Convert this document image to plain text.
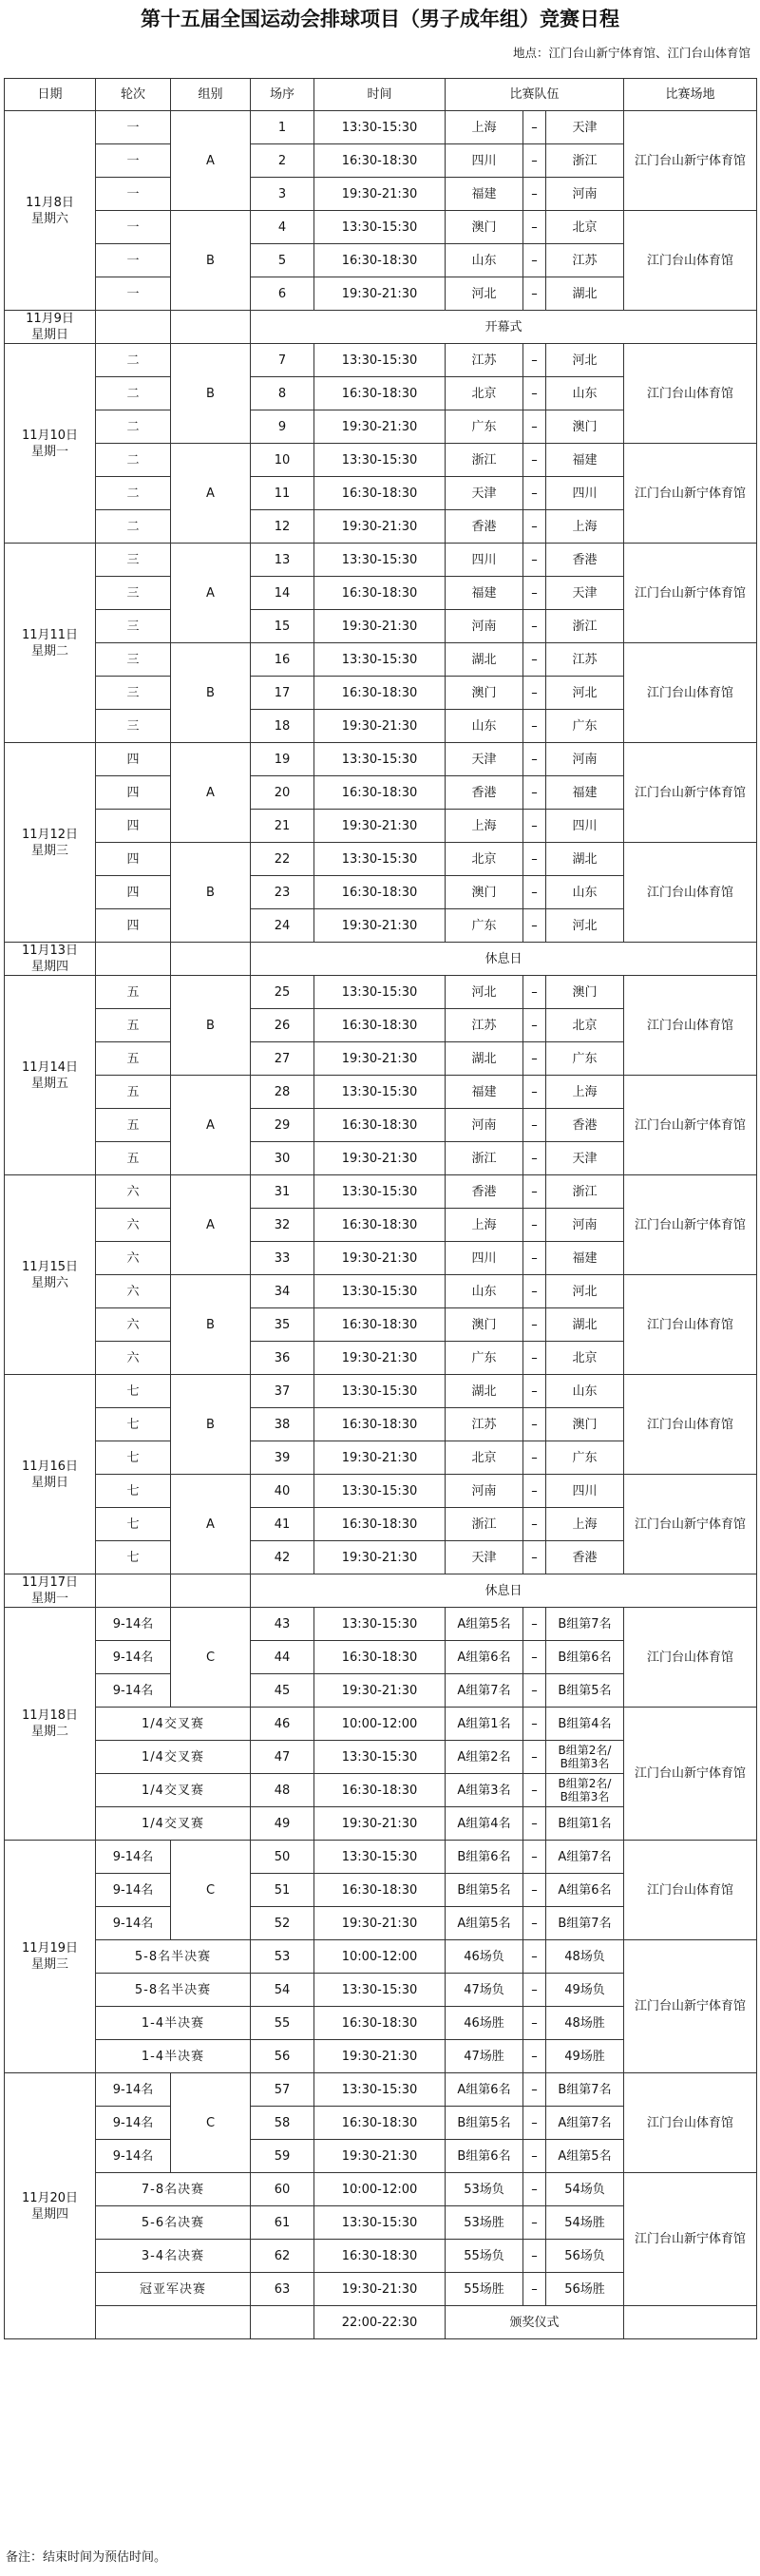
第十五届全国运动会排球项目（男子成年组）竞赛日程
地点：江门台山新宁体育馆、江门台山体育馆
日期	轮次	组别	场序	时间	比赛队伍			比赛场地

11月8日
星期六	一	A	1	13:30-15:30	上海	–	天津	江门台山新宁体育馆
	一		2	16:30-18:30	四川	–	浙江	
	一		3	19:30-21:30	福建	–	河南	
	一	B	4	13:30-15:30	澳门	–	北京	江门台山体育馆
	一		5	16:30-18:30	山东	–	江苏	
	一		6	19:30-21:30	河北	–	湖北	

11月9日
星期日			开幕式					

11月10日
星期一	二	B	7	13:30-15:30	江苏	–	河北	江门台山体育馆
	二		8	16:30-18:30	北京	–	山东	
	二		9	19:30-21:30	广东	–	澳门	
	二	A	10	13:30-15:30	浙江	–	福建	江门台山新宁体育馆
	二		11	16:30-18:30	天津	–	四川	
	二		12	19:30-21:30	香港	–	上海	

11月11日
星期二	三	A	13	13:30-15:30	四川	–	香港	江门台山新宁体育馆
	三		14	16:30-18:30	福建	–	天津	
	三		15	19:30-21:30	河南	–	浙江	
	三	B	16	13:30-15:30	湖北	–	江苏	江门台山体育馆
	三		17	16:30-18:30	澳门	–	河北	
	三		18	19:30-21:30	山东	–	广东	

11月12日
星期三	四	A	19	13:30-15:30	天津	–	河南	江门台山新宁体育馆
	四		20	16:30-18:30	香港	–	福建	
	四		21	19:30-21:30	上海	–	四川	
	四	B	22	13:30-15:30	北京	–	湖北	江门台山体育馆
	四		23	16:30-18:30	澳门	–	山东	
	四		24	19:30-21:30	广东	–	河北	

11月13日
星期四			休息日					

11月14日
星期五	五	B	25	13:30-15:30	河北	–	澳门	江门台山体育馆
	五		26	16:30-18:30	江苏	–	北京	
	五		27	19:30-21:30	湖北	–	广东	
	五	A	28	13:30-15:30	福建	–	上海	江门台山新宁体育馆
	五		29	16:30-18:30	河南	–	香港	
	五		30	19:30-21:30	浙江	–	天津	

11月15日
星期六	六	A	31	13:30-15:30	香港	–	浙江	江门台山新宁体育馆
	六		32	16:30-18:30	上海	–	河南	
	六		33	19:30-21:30	四川	–	福建	
	六	B	34	13:30-15:30	山东	–	河北	江门台山体育馆
	六		35	16:30-18:30	澳门	–	湖北	
	六		36	19:30-21:30	广东	–	北京	

11月16日
星期日	七	B	37	13:30-15:30	湖北	–	山东	江门台山体育馆
	七		38	16:30-18:30	江苏	–	澳门	
	七		39	19:30-21:30	北京	–	广东	
	七	A	40	13:30-15:30	河南	–	四川	江门台山新宁体育馆
	七		41	16:30-18:30	浙江	–	上海	
	七		42	19:30-21:30	天津	–	香港	

11月17日
星期一			休息日					

11月18日
星期二	9-14名	C	43	13:30-15:30	A组第5名	–	B组第7名	江门台山体育馆
	9-14名		44	16:30-18:30	A组第6名	–	B组第6名	
	9-14名		45	19:30-21:30	A组第7名	–	B组第5名	
	1/4交叉赛		46	10:00-12:00	A组第1名	–	B组第4名	江门台山新宁体育馆
	1/4交叉赛		47	13:30-15:30	A组第2名	–	B组第2名/
B组第3名	

	1/4交叉赛		48	16:30-18:30	A组第3名	–	B组第2名/
B组第3名	

	1/4交叉赛		49	19:30-21:30	A组第4名	–	B组第1名	

11月19日
星期三	9-14名	C	50	13:30-15:30	B组第6名	–	A组第7名	江门台山体育馆
	9-14名		51	16:30-18:30	B组第5名	–	A组第6名	
	9-14名		52	19:30-21:30	A组第5名	–	B组第7名	
	5-8名半决赛		53	10:00-12:00	46场负	–	48场负	江门台山新宁体育馆
	5-8名半决赛		54	13:30-15:30	47场负	–	49场负	
	1-4半决赛		55	16:30-18:30	46场胜	–	48场胜	
	1-4半决赛		56	19:30-21:30	47场胜	–	49场胜	

11月20日
星期四	9-14名	C	57	13:30-15:30	A组第6名	–	B组第7名	江门台山体育馆
	9-14名		58	16:30-18:30	B组第5名	–	A组第7名	
	9-14名		59	19:30-21:30	B组第6名	–	A组第5名	
	7-8名决赛		60	10:00-12:00	53场负	–	54场负	江门台山新宁体育馆
	5-6名决赛		61	13:30-15:30	53场胜	–	54场胜	
	3-4名决赛		62	16:30-18:30	55场负	–	56场负	
	冠亚军决赛		63	19:30-21:30	55场胜	–	56场胜	
				22:00-22:30	颁奖仪式			
备注：结束时间为预估时间。
